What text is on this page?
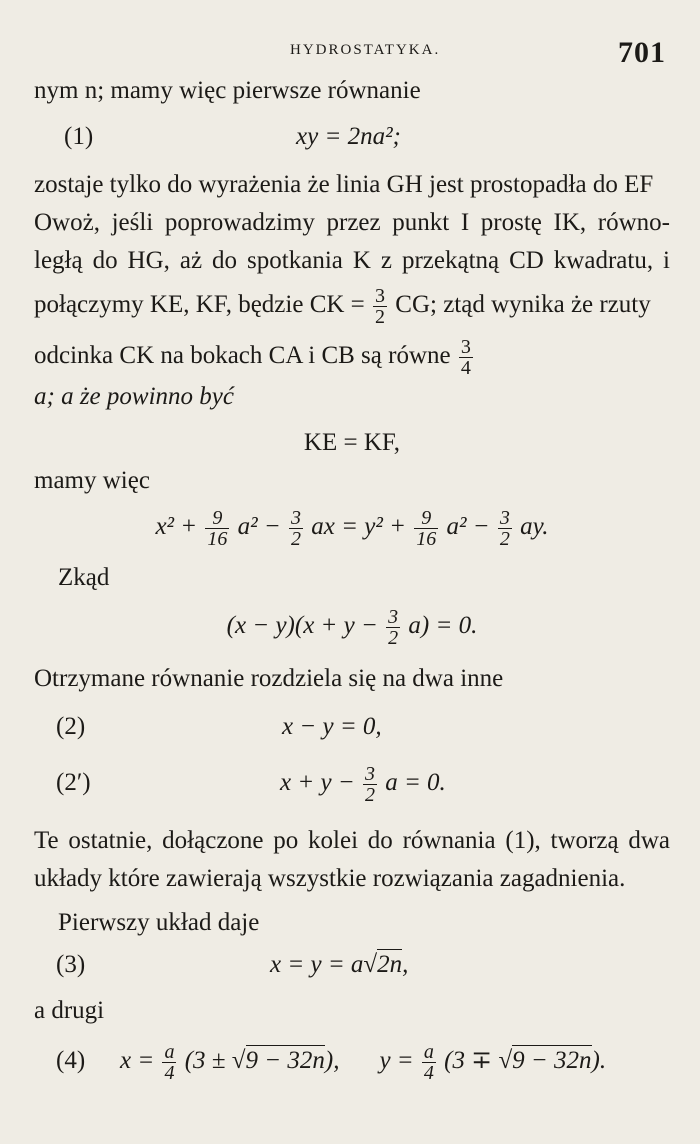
HYDROSTATYKA.	701

nym n; mamy więc pierwsze równanie

(1)	xy = 2na²;

zostaje tylko do wyrażenia że linia GH jest prostopadła do EF

Owoż, jeśli poprowadzimy przez punkt I prostę IK, równo-

ległą do HG, aż do spotkania K z przekątną CD kwadratu, i

połączymy KE, KF, będzie CK = $\frac{3}{2}$ CG; ztąd wynika że rzuty

odcinka CK na bokach CA i CB są równe $\frac{3}{4}$
a; a że powinno być

KE = KF,

mamy więc

$x^2 + \frac{9}{16} a^2 - \frac{3}{2}$ ax = $y^2 + \frac{9}{16} a^2 - \frac{3}{2}$ ay.

Zkąd

$(x - y)(x + y - \frac{3}{2} a) = 0$.

Otrzymane równanie rozdziela się na dwa inne

(2)	x − y = 0,
(2′)	$x + y - \frac{3}{2}$ a = 0.

Te ostatnie, dołączone po kolei do równania (1), tworzą dwa

układy które zawierają wszystkie rozwiązania zagadnienia.

Pierwszy układ daje

(3)	x = y = a√2n,

a drugi

(4) $x = \frac{a}{4} (3 \pm √9 - 32n)$, $y = \frac{a}{4} (3 \mp √9 - 32n)$.
